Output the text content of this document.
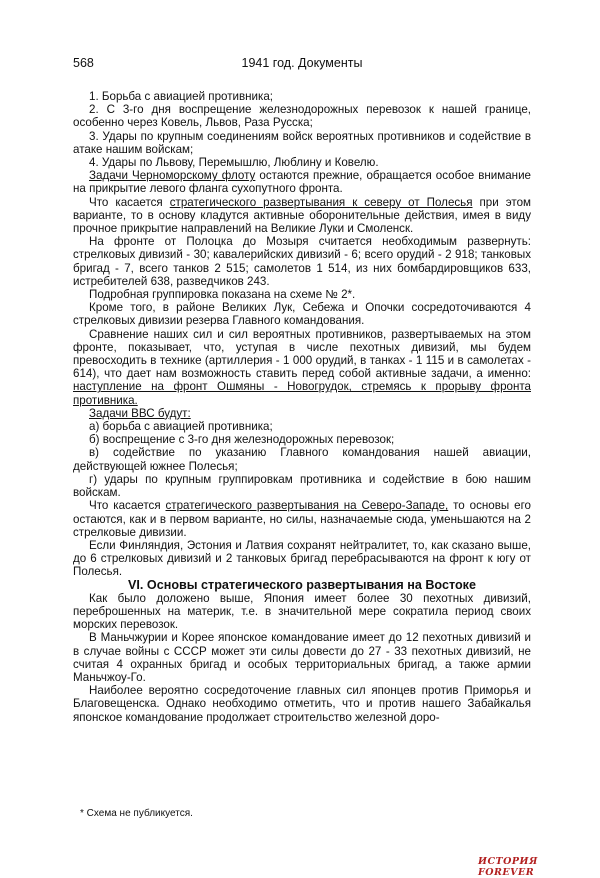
568	1941 год. Документы

1. Борьба с авиацией противника;

2. С 3-го дня воспрещение железнодорожных перевозок к нашей границе, особенно через Ковель, Львов, Раза Русска;

3. Удары по крупным соединениям войск вероятных противников и содействие в атаке нашим войскам;

4. Удары по Львову, Перемышлю, Люблину и Ковелю.

Задачи Черноморскому флоту остаются прежние, обращается особое внимание на прикрытие левого фланга сухопутного фронта.

Что касается стратегического развертывания к северу от Полесья при этом варианте, то в основу кладутся активные оборонительные действия, имея в виду прочное прикрытие направлений на Великие Луки и Смоленск.

На фронте от Полоцка до Мозыря считается необходимым развернуть: стрелковых дивизий - 30; кавалерийских дивизий - 6; всего орудий - 2 918; танковых бригад - 7, всего танков 2 515; самолетов 1 514, из них бомбардировщиков 633, истребителей 638, разведчиков 243.

Подробная группировка показана на схеме № 2*.

Кроме того, в районе Великих Лук, Себежа и Опочки сосредоточиваются 4 стрелковых дивизии резерва Главного командования.

Сравнение наших сил и сил вероятных противников, развертываемых на этом фронте, показывает, что, уступая в числе пехотных дивизий, мы будем превосходить в технике (артиллерия - 1 000 орудий, в танках - 1 115 и в самолетах - 614), что дает нам возможность ставить перед собой активные задачи, а именно: наступление на фронт Ошмяны - Новогрудок, стремясь к прорыву фронта противника.

Задачи ВВС будут:

а) борьба с авиацией противника;

б) воспрещение с 3-го дня железнодорожных перевозок;

в) содействие по указанию Главного командования нашей авиации, действующей южнее Полесья;

г) удары по крупным группировкам противника и содействие в бою нашим войскам.

Что касается стратегического развертывания на Северо-Западе, то основы его остаются, как и в первом варианте, но силы, назначаемые сюда, уменьшаются на 2 стрелковые дивизии.

Если Финляндия, Эстония и Латвия сохранят нейтралитет, то, как сказано выше, до 6 стрелковых дивизий и 2 танковых бригад перебрасываются на фронт к югу от Полесья.

VI. Основы стратегического развертывания на Востоке

Как было доложено выше, Япония имеет более 30 пехотных дивизий, переброшенных на материк, т.е. в значительной мере сократила период своих морских перевозок.

В Маньчжурии и Корее японское командование имеет до 12 пехотных дивизий и в случае войны с СССР может эти силы довести до 27 - 33 пехотных дивизий, не считая 4 охранных бригад и особых территориальных бригад, а также армии Маньчжоу-Го.

Наиболее вероятно сосредоточение главных сил японцев против Приморья и Благовещенска. Однако необходимо отметить, что и против нашего Забайкалья японское командование продолжает строительство железной доро-

* Схема не публикуется.
ИСТОРИЯ FOREVER
